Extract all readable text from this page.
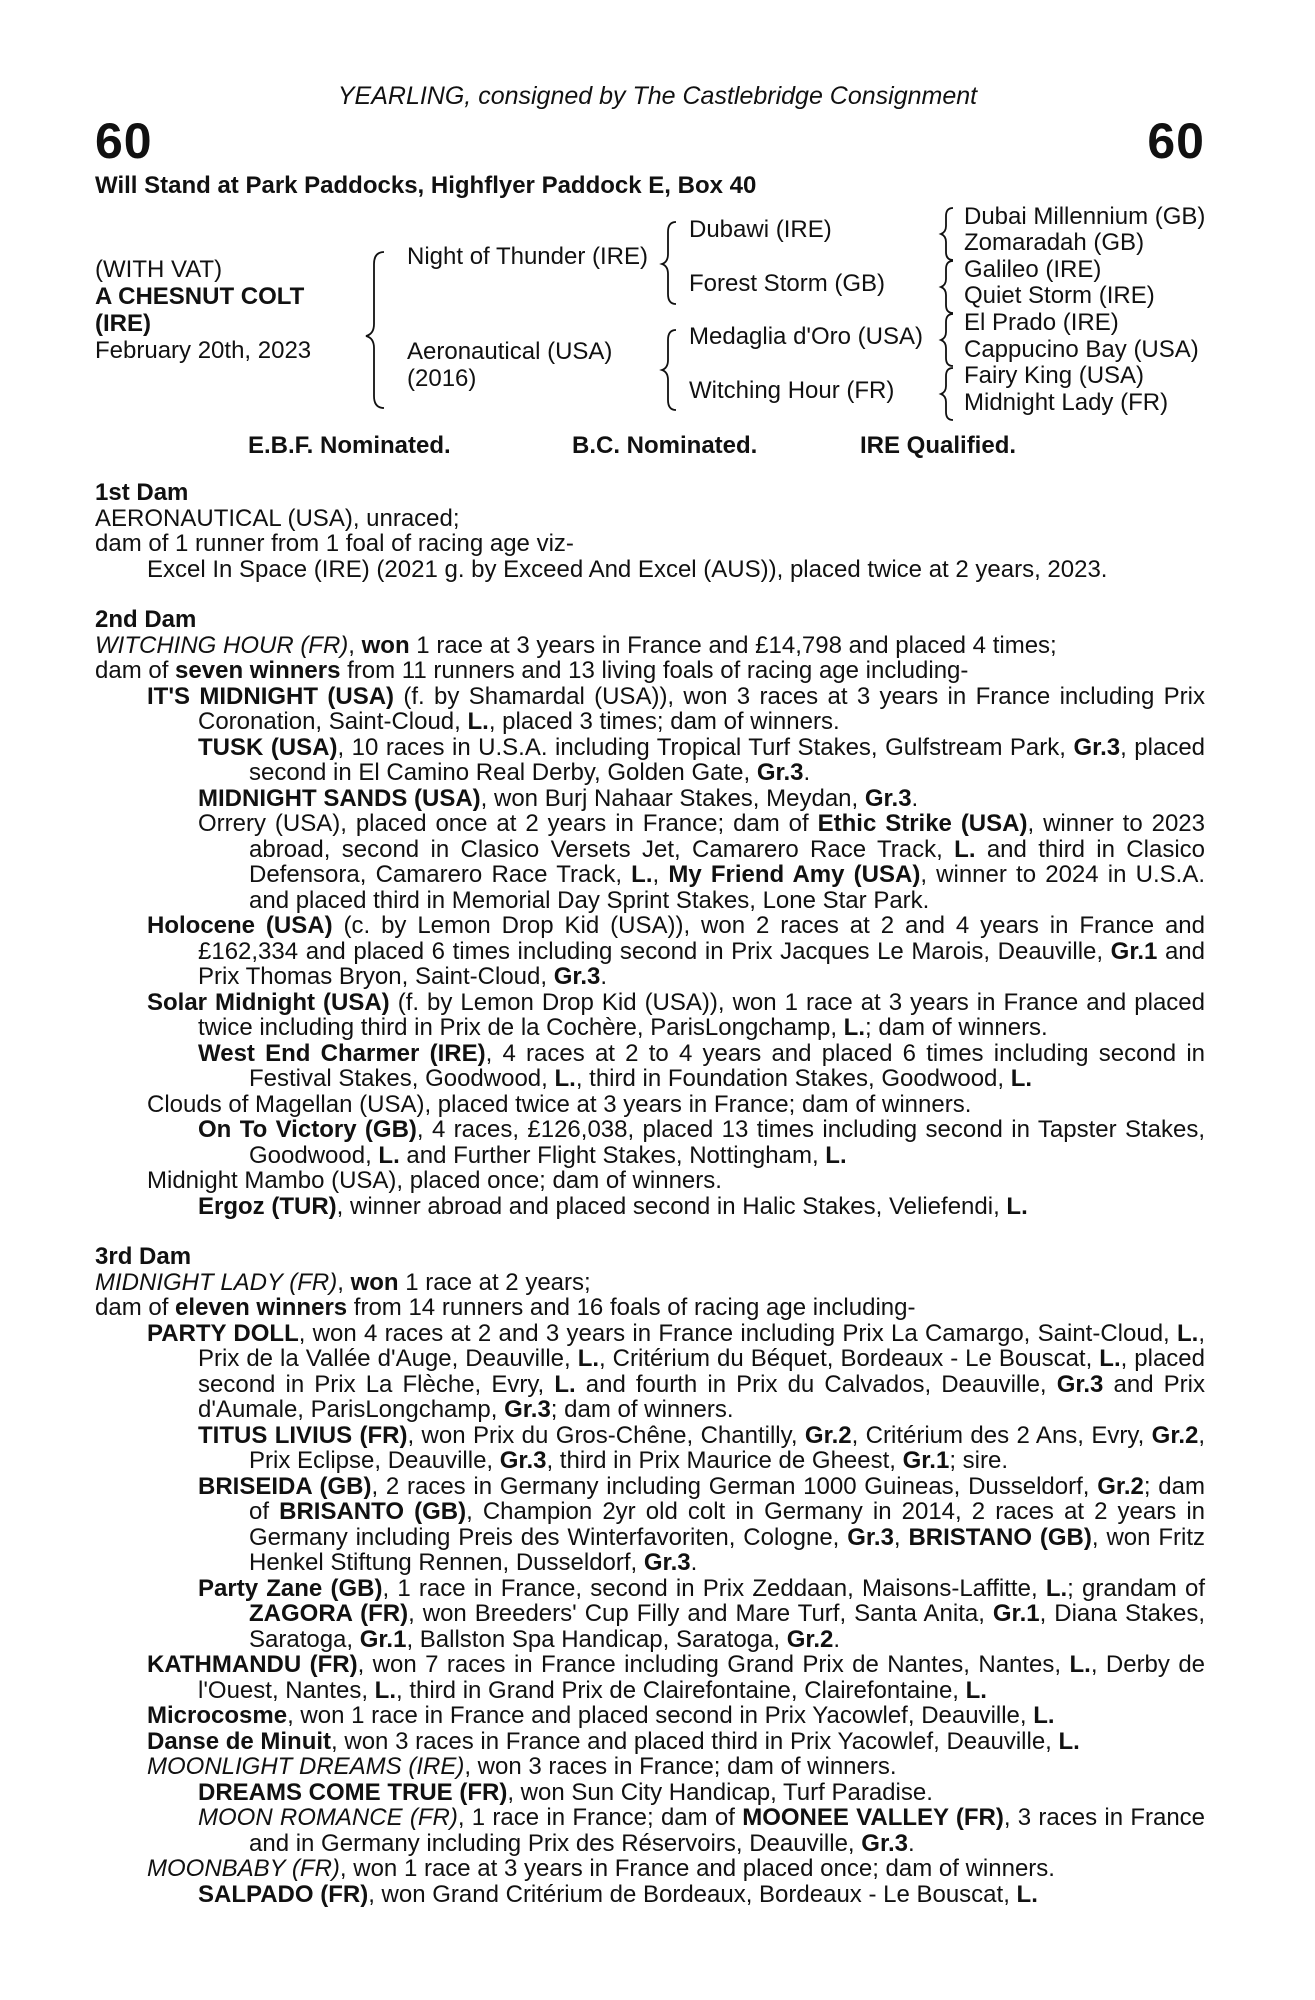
YEARLING, consigned by The Castlebridge Consignment
60	60
Will Stand at Park Paddocks, Highflyer Paddock E, Box 40
(WITH VAT)
A CHESNUT COLT
(IRE)
February 20th, 2023
Night of Thunder (IRE)
Aeronautical (USA)
(2016)
Dubawi (IRE)
Forest Storm (GB)
Medaglia d'Oro (USA)
Witching Hour (FR)
Dubai Millennium (GB)
Zomaradah (GB)
Galileo (IRE)
Quiet Storm (IRE)
El Prado (IRE)
Cappucino Bay (USA)
Fairy King (USA)
Midnight Lady (FR)
E.B.F. Nominated.	B.C. Nominated.	IRE Qualified.

1st Dam

AERONAUTICAL (USA), unraced;

dam of 1 runner from 1 foal of racing age viz-

Excel In Space (IRE) (2021 g. by Exceed And Excel (AUS)), placed twice at 2 years, 2023.

2nd Dam

WITCHING HOUR (FR), won 1 race at 3 years in France and £14,798 and placed 4 times;

dam of seven winners from 11 runners and 13 living foals of racing age including-

IT'S MIDNIGHT (USA) (f. by Shamardal (USA)), won 3 races at 3 years in France including Prix Coronation, Saint-Cloud, L., placed 3 times; dam of winners.

TUSK (USA), 10 races in U.S.A. including Tropical Turf Stakes, Gulfstream Park, Gr.3, placed second in El Camino Real Derby, Golden Gate, Gr.3.

MIDNIGHT SANDS (USA), won Burj Nahaar Stakes, Meydan, Gr.3.

Orrery (USA), placed once at 2 years in France; dam of Ethic Strike (USA), winner to 2023 abroad, second in Clasico Versets Jet, Camarero Race Track, L. and third in Clasico Defensora, Camarero Race Track, L., My Friend Amy (USA), winner to 2024 in U.S.A. and placed third in Memorial Day Sprint Stakes, Lone Star Park.

Holocene (USA) (c. by Lemon Drop Kid (USA)), won 2 races at 2 and 4 years in France and £162,334 and placed 6 times including second in Prix Jacques Le Marois, Deauville, Gr.1 and Prix Thomas Bryon, Saint-Cloud, Gr.3.

Solar Midnight (USA) (f. by Lemon Drop Kid (USA)), won 1 race at 3 years in France and placed twice including third in Prix de la Cochère, ParisLongchamp, L.; dam of winners.

West End Charmer (IRE), 4 races at 2 to 4 years and placed 6 times including second in Festival Stakes, Goodwood, L., third in Foundation Stakes, Goodwood, L.

Clouds of Magellan (USA), placed twice at 3 years in France; dam of winners.

On To Victory (GB), 4 races, £126,038, placed 13 times including second in Tapster Stakes, Goodwood, L. and Further Flight Stakes, Nottingham, L.

Midnight Mambo (USA), placed once; dam of winners.

Ergoz (TUR), winner abroad and placed second in Halic Stakes, Veliefendi, L.

3rd Dam

MIDNIGHT LADY (FR), won 1 race at 2 years;

dam of eleven winners from 14 runners and 16 foals of racing age including-

PARTY DOLL, won 4 races at 2 and 3 years in France including Prix La Camargo, Saint-Cloud, L., Prix de la Vallée d'Auge, Deauville, L., Critérium du Béquet, Bordeaux - Le Bouscat, L., placed second in Prix La Flèche, Evry, L. and fourth in Prix du Calvados, Deauville, Gr.3 and Prix d'Aumale, ParisLongchamp, Gr.3; dam of winners.

TITUS LIVIUS (FR), won Prix du Gros-Chêne, Chantilly, Gr.2, Critérium des 2 Ans, Evry, Gr.2, Prix Eclipse, Deauville, Gr.3, third in Prix Maurice de Gheest, Gr.1; sire.

BRISEIDA (GB), 2 races in Germany including German 1000 Guineas, Dusseldorf, Gr.2; dam of BRISANTO (GB), Champion 2yr old colt in Germany in 2014, 2 races at 2 years in Germany including Preis des Winterfavoriten, Cologne, Gr.3, BRISTANO (GB), won Fritz Henkel Stiftung Rennen, Dusseldorf, Gr.3.

Party Zane (GB), 1 race in France, second in Prix Zeddaan, Maisons-Laffitte, L.; grandam of ZAGORA (FR), won Breeders' Cup Filly and Mare Turf, Santa Anita, Gr.1, Diana Stakes, Saratoga, Gr.1, Ballston Spa Handicap, Saratoga, Gr.2.

KATHMANDU (FR), won 7 races in France including Grand Prix de Nantes, Nantes, L., Derby de l'Ouest, Nantes, L., third in Grand Prix de Clairefontaine, Clairefontaine, L.

Microcosme, won 1 race in France and placed second in Prix Yacowlef, Deauville, L.

Danse de Minuit, won 3 races in France and placed third in Prix Yacowlef, Deauville, L.

MOONLIGHT DREAMS (IRE), won 3 races in France; dam of winners.

DREAMS COME TRUE (FR), won Sun City Handicap, Turf Paradise.

MOON ROMANCE (FR), 1 race in France; dam of MOONEE VALLEY (FR), 3 races in France and in Germany including Prix des Réservoirs, Deauville, Gr.3.

MOONBABY (FR), won 1 race at 3 years in France and placed once; dam of winners.

SALPADO (FR), won Grand Critérium de Bordeaux, Bordeaux - Le Bouscat, L.
